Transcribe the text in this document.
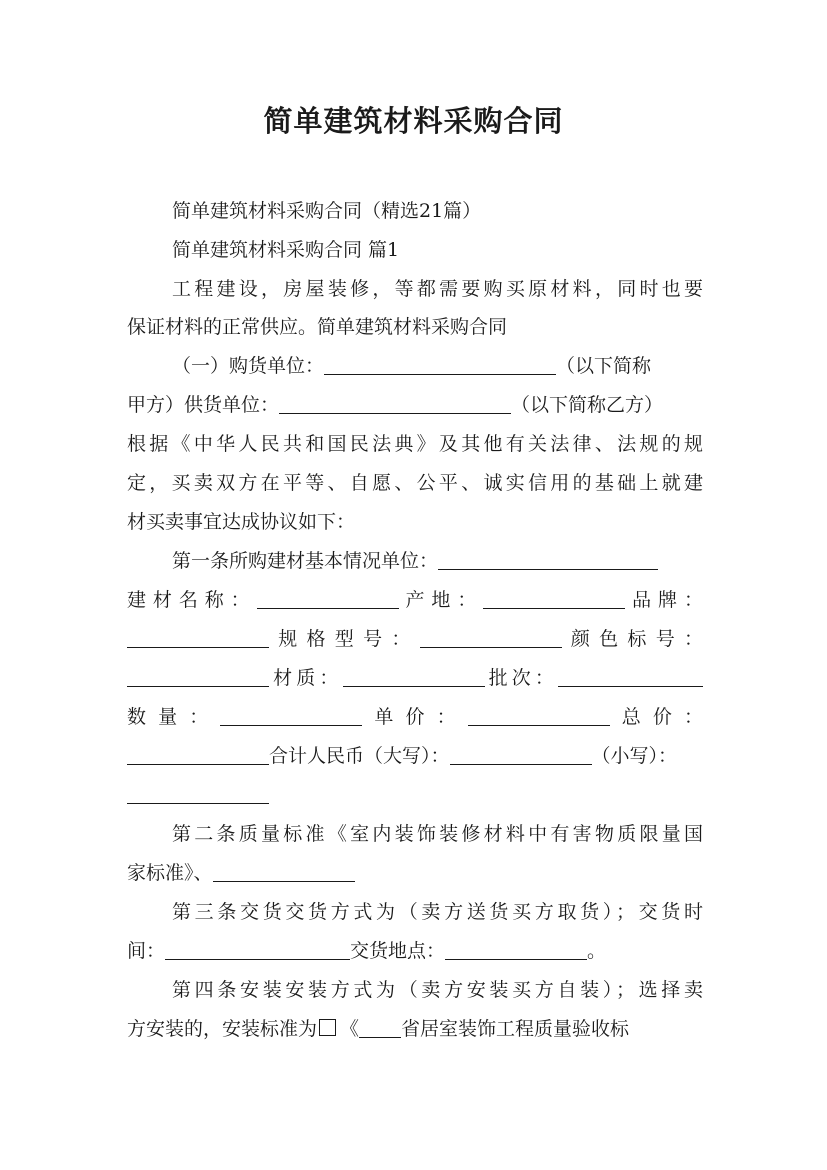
简单建筑材料采购合同
简单建筑材料采购合同（精选21篇）
简单建筑材料采购合同 篇1
工程建设，房屋装修，等都需要购买原材料，同时也要
保证材料的正常供应。简单建筑材料采购合同
（一）购货单位：	（以下简称
甲方）供货单位：	（以下简称乙方）
根据《中华人民共和国民法典》及其他有关法律、法规的规
定，买卖双方在平等、自愿、公平、诚实信用的基础上就建
材买卖事宜达成协议如下：
第一条所购建材基本情况单位：
建材名称：	产地：	品牌：
规格型号：	颜色标号：
材质：	批次：
数量：	单价：	总价：
合计人民币（大写）：	（小写）：
第二条质量标准《室内装饰装修材料中有害物质限量国
家标准》、
第三条交货交货方式为（卖方送货买方取货）；交货时
间：	交货地点：	。
第四条安装安装方式为（卖方安装买方自装）；选择卖
方安装的，安装标准为 《 省居室装饰工程质量验收标
